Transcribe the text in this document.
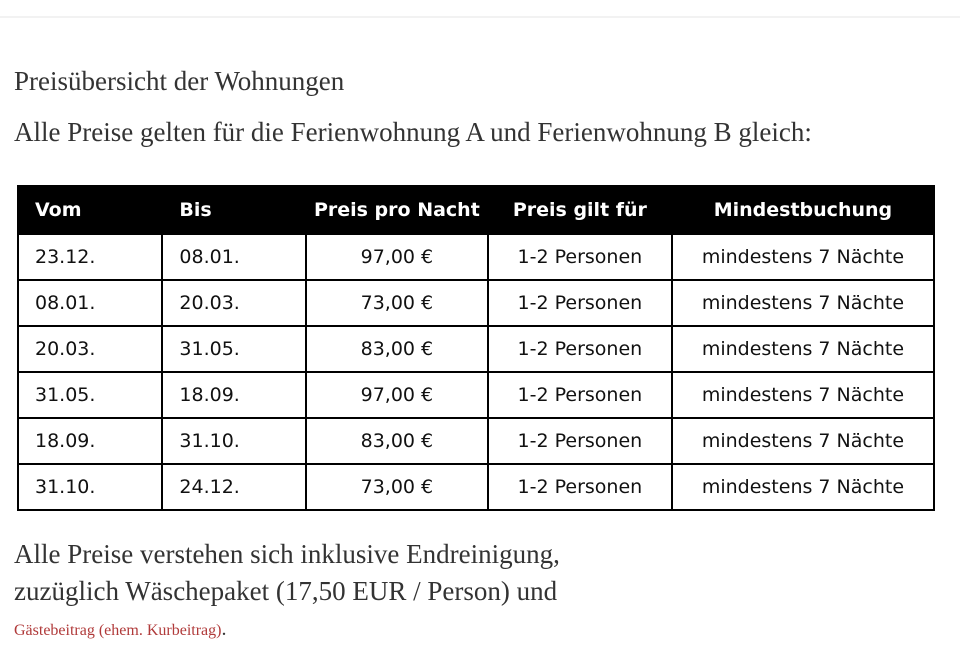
Preisübersicht der Wohnungen
Alle Preise gelten für die Ferienwohnung A und Ferienwohnung B gleich:
Vom	Bis	Preis pro Nacht	Preis gilt für	Mindestbuchung
23.12.	08.01.	97,00 €	1-2 Personen	mindestens 7 Nächte
08.01.	20.03.	73,00 €	1-2 Personen	mindestens 7 Nächte
20.03.	31.05.	83,00 €	1-2 Personen	mindestens 7 Nächte
31.05.	18.09.	97,00 €	1-2 Personen	mindestens 7 Nächte
18.09.	31.10.	83,00 €	1-2 Personen	mindestens 7 Nächte
31.10.	24.12.	73,00 €	1-2 Personen	mindestens 7 Nächte
Alle Preise verstehen sich inklusive Endreinigung,
zuzüglich Wäschepaket (17,50 EUR / Person) und
Gästebeitrag (ehem. Kurbeitrag).
